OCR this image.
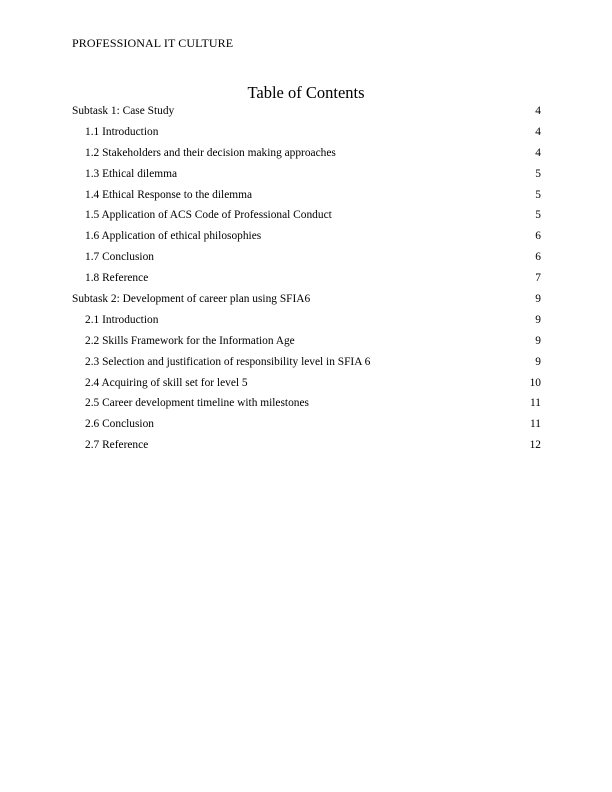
PROFESSIONAL IT CULTURE
Table of Contents
Subtask 1: Case Study	4
1.1 Introduction	4
1.2 Stakeholders and their decision making approaches	4
1.3 Ethical dilemma	5
1.4 Ethical Response to the dilemma	5
1.5 Application of ACS Code of Professional Conduct	5
1.6 Application of ethical philosophies	6
1.7 Conclusion	6
1.8 Reference	7
Subtask 2: Development of career plan using SFIA6	9
2.1 Introduction	9
2.2 Skills Framework for the Information Age	9
2.3 Selection and justification of responsibility level in SFIA 6	9
2.4 Acquiring of skill set for level 5	10
2.5 Career development timeline with milestones	11
2.6 Conclusion	11
2.7 Reference	12
